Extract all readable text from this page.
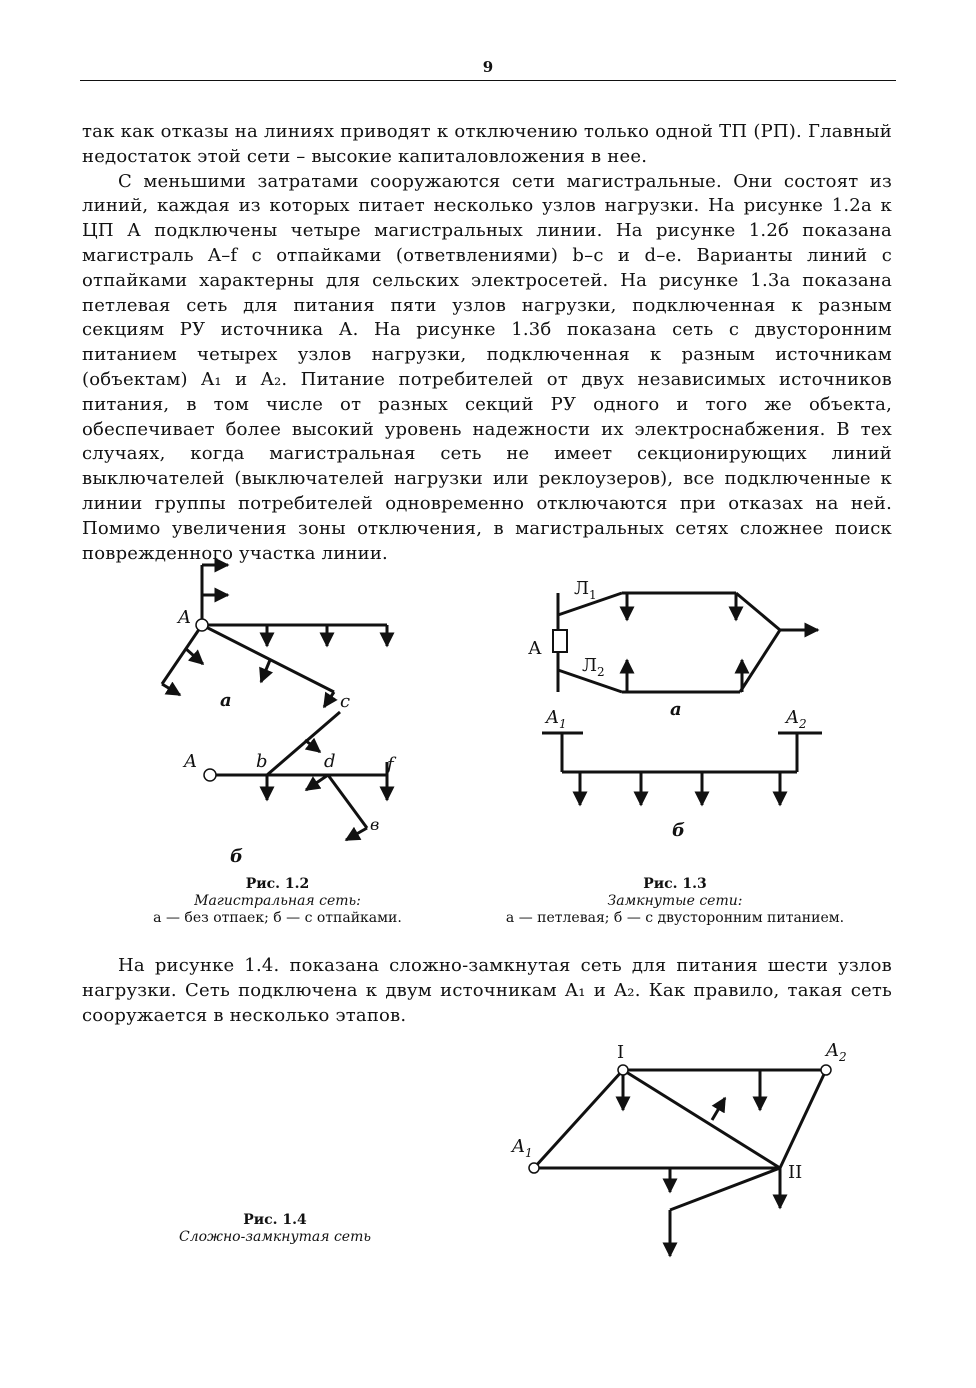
9

так как отказы на линиях приводят к отключению только одной ТП (РП). Главный недостаток этой сети – высокие капиталовложения в нее.

С меньшими затратами сооружаются сети магистральные. Они состоят из линий, каждая из которых питает несколько узлов нагрузки. На рисунке 1.2а к ЦП А подключены четыре магистральных линии. На рисунке 1.2б показана магистраль A–f с отпайками (ответвлениями) b–c и d–e. Варианты линий с отпайками характерны для сельских электросетей. На рисунке 1.3а показана петлевая сеть для питания пяти узлов нагрузки, подключенная к разным секциям РУ источника А. На рисунке 1.3б показана сеть с двусторонним питанием четырех узлов нагрузки, подключенная к разным источникам (объектам) A₁ и A₂. Питание потребителей от двух независимых источников питания, в том числе от разных секций РУ одного и того же объекта, обеспечивает более высокий уровень надежности их электроснабжения. В тех случаях, когда магистральная сеть не имеет секционирующих линий выключателей (выключателей нагрузки или реклоузеров), все подключенные к линии группы потребителей одновременно отключаются при отказах на ней. Помимо увеличения зоны отключения, в магистральных сетях сложнее поиск поврежденного участка линии.

A
а
A	b
c
d	f
в
б
Рис. 1.2
Магистральная сеть:
а — без отпаек; б — с отпайками.
А
$Л_1$
$Л_2$
а
$A_1$	$A_2$
б
Рис. 1.3
Замкнутые сети:
а — петлевая; б — с двусторонним питанием.

На рисунке 1.4. показана сложно-замкнутая сеть для питания шести узлов нагрузки. Сеть подключена к двум источникам A₁ и A₂. Как правило, такая сеть сооружается в несколько этапов.

I
II
$A_1$
$A_2$
Рис. 1.4
Сложно-замкнутая сеть
